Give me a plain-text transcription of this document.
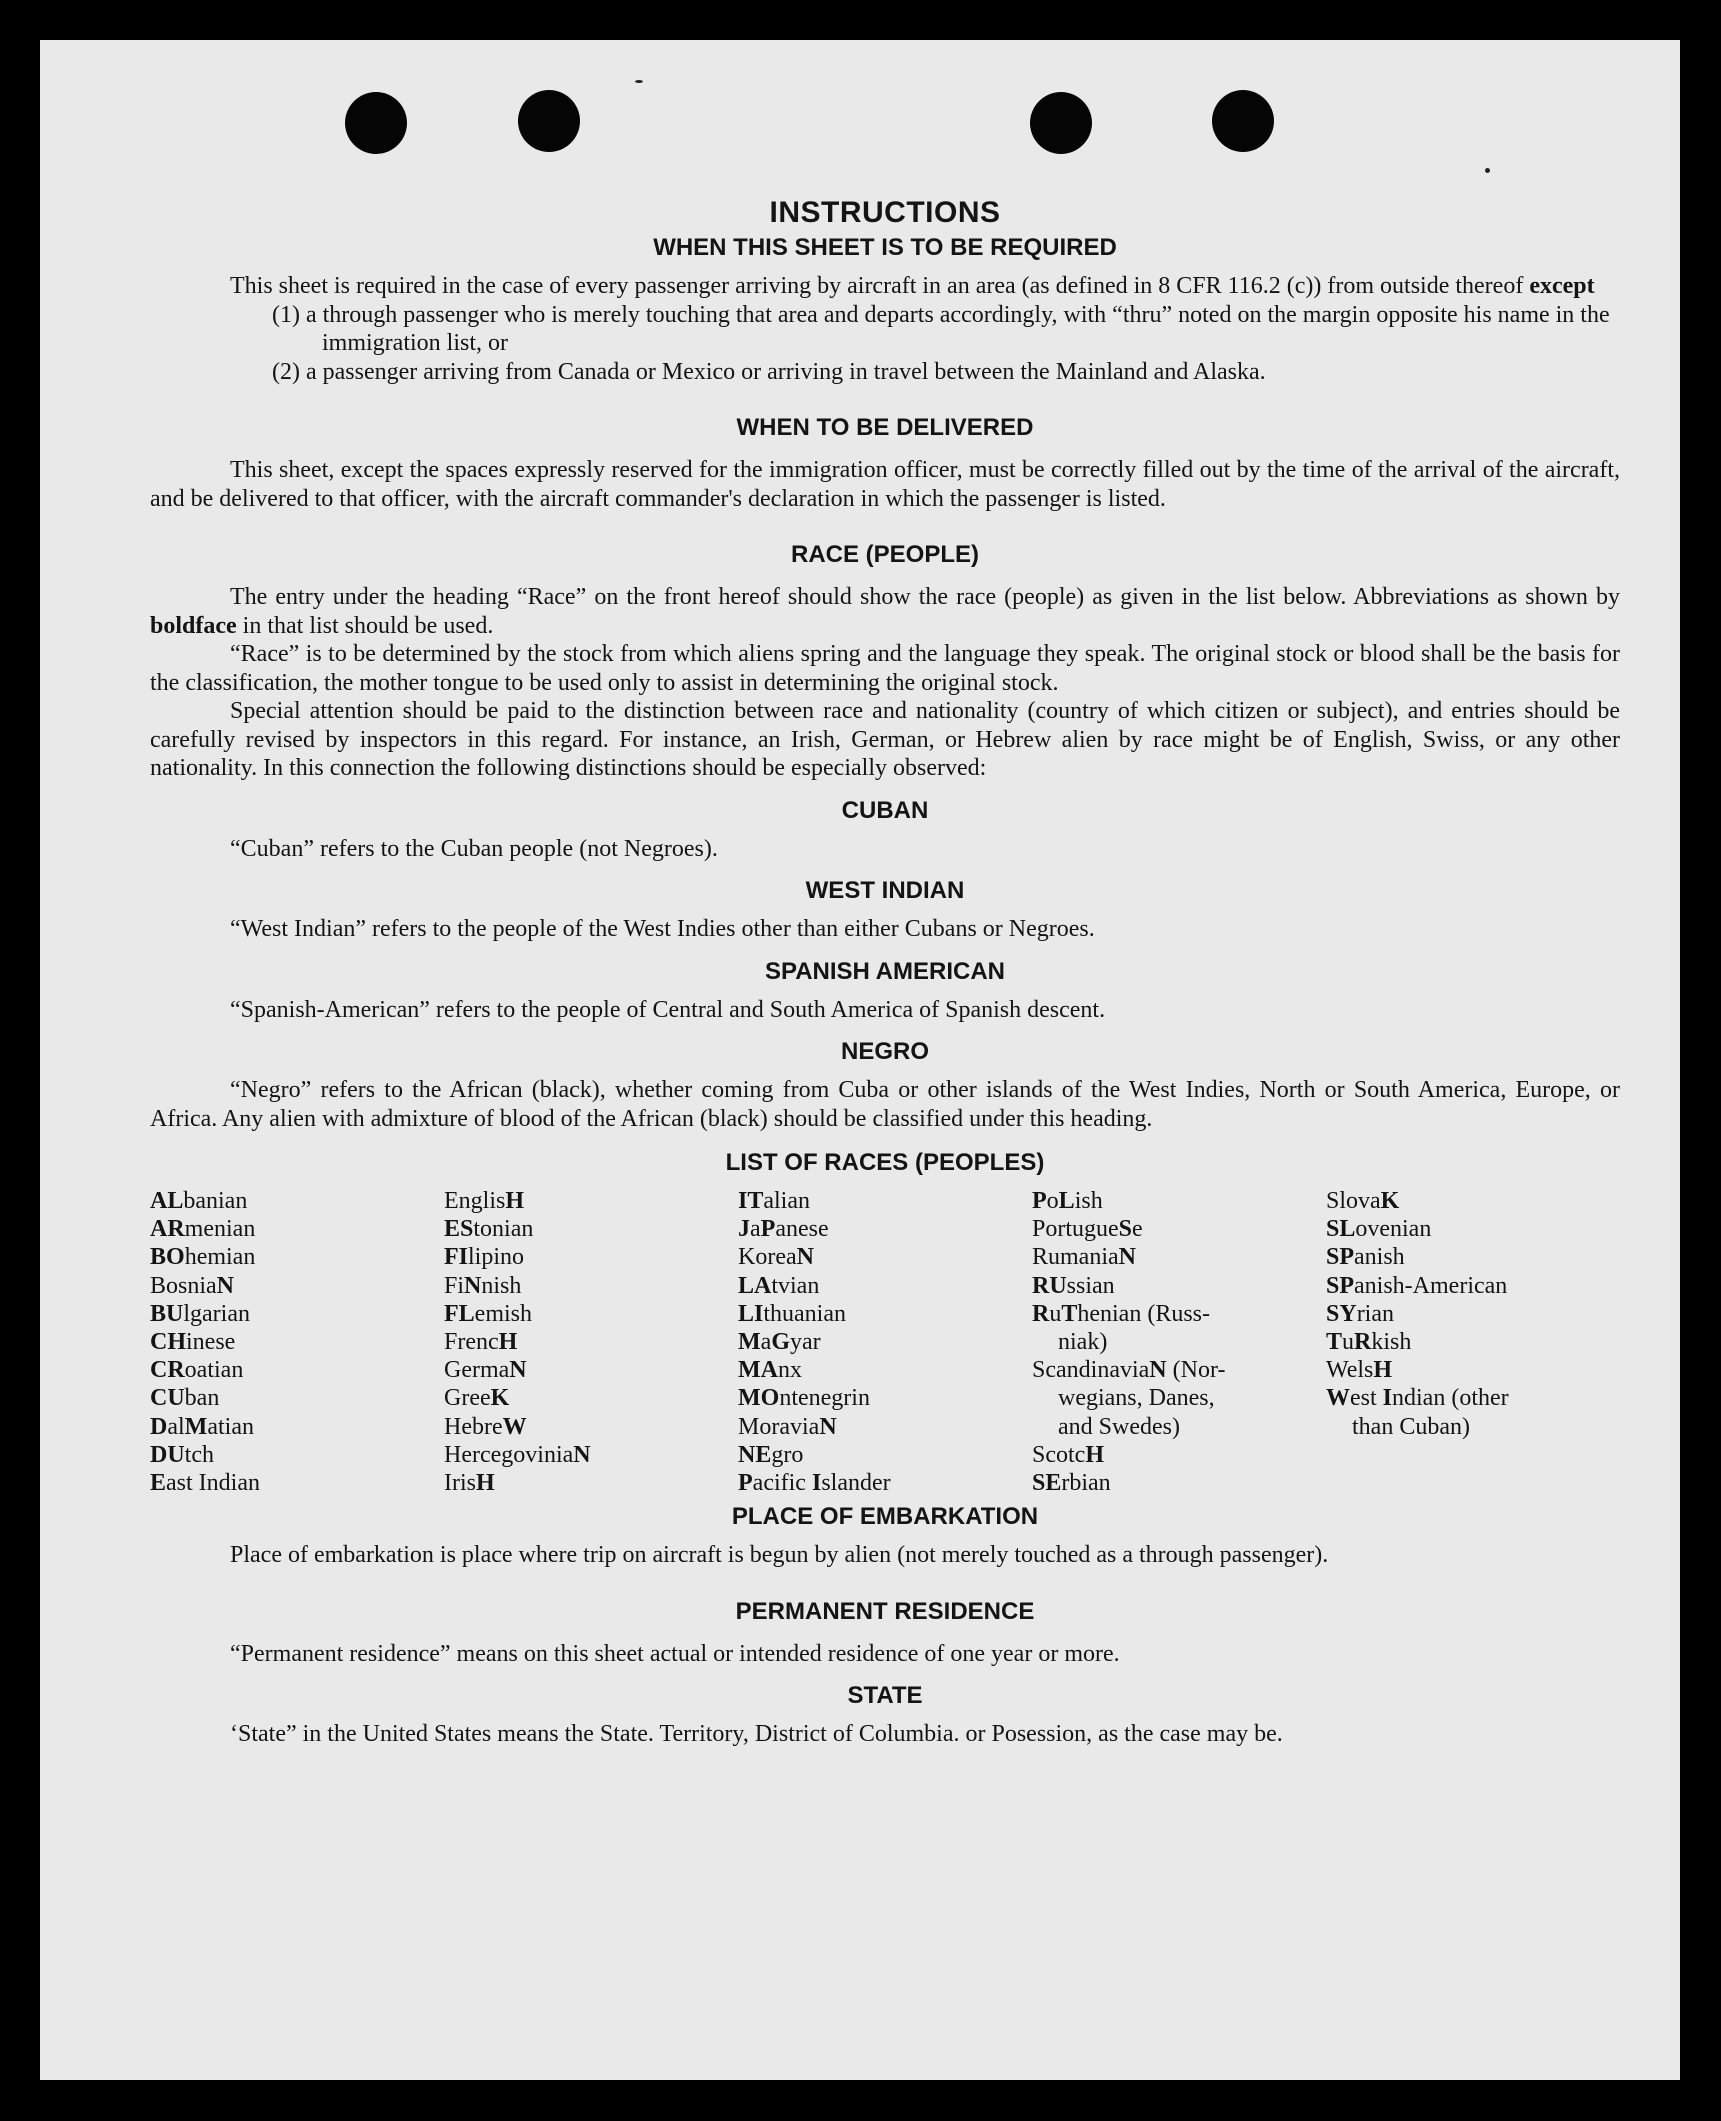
INSTRUCTIONS
WHEN THIS SHEET IS TO BE REQUIRED

This sheet is required in the case of every passenger arriving by aircraft in an area (as defined in 8 CFR 116.2 (c)) from outside thereof except

(1) a through passenger who is merely touching that area and departs accordingly, with “thru” noted on the margin opposite his name in the immigration list, or
(2) a passenger arriving from Canada or Mexico or arriving in travel between the Mainland and Alaska.
WHEN TO BE DELIVERED

This sheet, except the spaces expressly reserved for the immigration officer, must be correctly filled out by the time of the arrival of the aircraft, and be delivered to that officer, with the aircraft commander's declaration in which the passenger is listed.

RACE (PEOPLE)

The entry under the heading “Race” on the front hereof should show the race (people) as given in the list below. Abbreviations as shown by boldface in that list should be used.

“Race” is to be determined by the stock from which aliens spring and the language they speak. The original stock or blood shall be the basis for the classification, the mother tongue to be used only to assist in determining the original stock.

Special attention should be paid to the distinction between race and nationality (country of which citizen or subject), and entries should be carefully revised by inspectors in this regard. For instance, an Irish, German, or Hebrew alien by race might be of English, Swiss, or any other nationality. In this connection the following distinctions should be especially observed:

CUBAN

“Cuban” refers to the Cuban people (not Negroes).

WEST INDIAN

“West Indian” refers to the people of the West Indies other than either Cubans or Negroes.

SPANISH AMERICAN

“Spanish-American” refers to the people of Central and South America of Spanish descent.

NEGRO

“Negro” refers to the African (black), whether coming from Cuba or other islands of the West Indies, North or South America, Europe, or Africa. Any alien with admixture of blood of the African (black) should be classified under this heading.

LIST OF RACES (PEOPLES)
ALbanian
ARmenian
BOhemian
BosniaN
BUlgarian
CHinese
CRoatian
CUban
DalMatian
DUtch
East Indian
EnglisH
EStonian
FIlipino
FiNnish
FLemish
FrencH
GermaN
GreeK
HebreW
HercegoviniaN
IrisH
ITalian
JaPanese
KoreaN
LAtvian
LIthuanian
MaGyar
MAnx
MOntenegrin
MoraviaN
NEgro
Pacific Islander
PoLish
PortugueSe
RumaniaN
RUssian
RuThenian (Russ-
niak)
ScandinaviaN (Nor-
wegians, Danes,
and Swedes)
ScotcH
SErbian
SlovaK
SLovenian
SPanish
SPanish-American
SYrian
TuRkish
WelsH
West Indian (other
than Cuban)
PLACE OF EMBARKATION

Place of embarkation is place where trip on aircraft is begun by alien (not merely touched as a through passenger).

PERMANENT RESIDENCE

“Permanent residence” means on this sheet actual or intended residence of one year or more.

STATE

‘State” in the United States means the State. Territory, District of Columbia. or Posession, as the case may be.
